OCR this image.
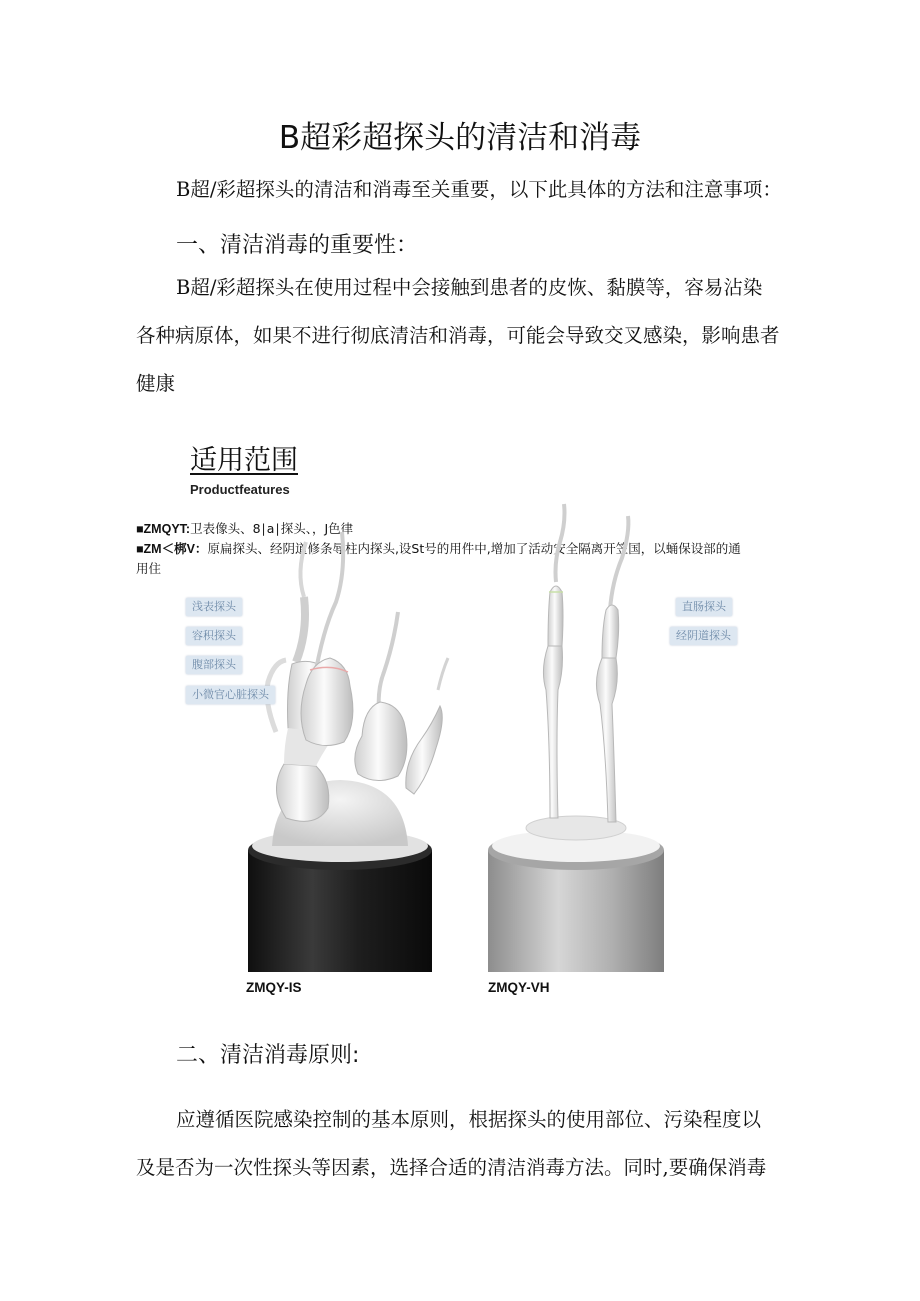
B超彩超探头的清洁和消毒
B超/彩超探头的清洁和消毒至关重要，以下此具体的方法和注意事项：
一、清洁消毒的重要性：
B超/彩超探头在使用过程中会接触到患者的皮恢、黏膜等，容易沾染
各种病原体，如果不进行彻底清洁和消毒，可能会导致交叉感染，影响患者
健康
适用范围
Productfeatures
■ZMQYT:卫表像头、8∣a∣探头、，J色律
■ZM＜梆V：原扁探头、经阴道修条辱柱内探头,设St号的用件中,增加了活动安全隔离开笠国，以蛹保设部的通
用住
浅表探头
容积探头
腹部探头
小微官心脏探头
直肠探头
经阴道探头
ZMQY-IS	ZMQY-VH
二、清洁消毒原则:
应遵循医院感染控制的基本原则，根据探头的使用部位、污染程度以
及是否为一次性探头等因素，选择合适的清洁消毒方法。同时,要确保消毒
